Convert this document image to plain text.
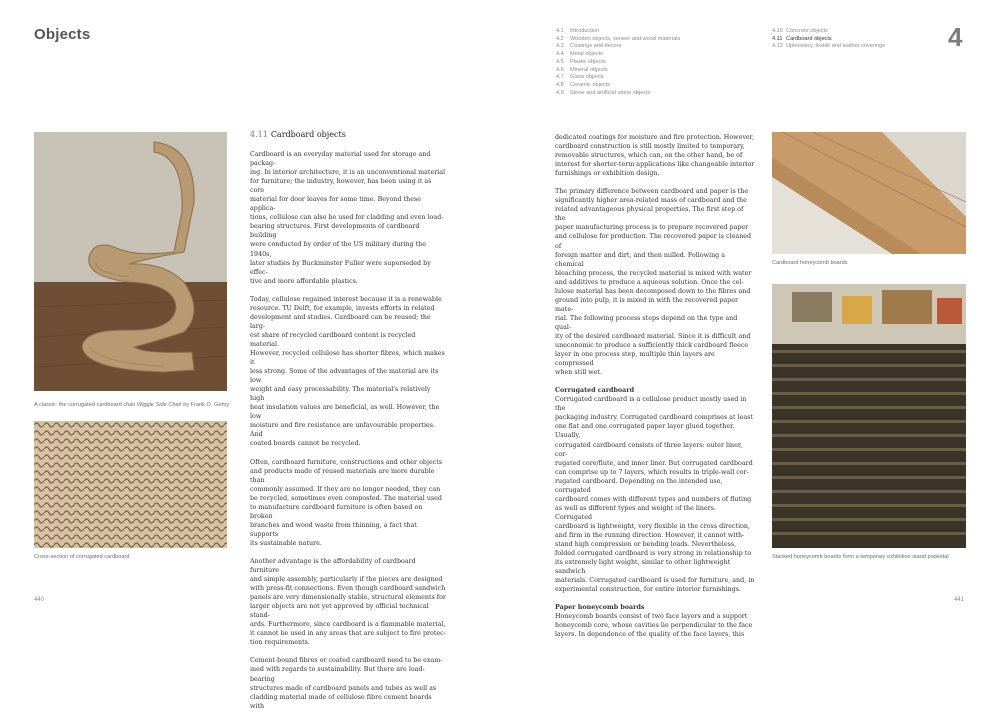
Objects	4
4.1 Introduction
4.2 Wooden objects, veneer and wood materials
4.3 Coatings and decors
4.4 Metal objects
4.5 Plastic objects
4.6 Mineral objects
4.7 Glass objects
4.8 Ceramic objects
4.9 Stone and artificial stone objects
4.10 Concrete objects
4.11 Cardboard objects
4.12 Upholstery, textile and leather coverings
A classic: the corrugated cardboard chair Wiggle Side Chair by Frank O. Gehry
Cross-section of corrugated cardboard
4.11 Cardboard objects

Cardboard is an everyday material used for storage and packag-
ing. In interior architecture, it is an unconventional material
for furniture; the industry, however, has been using it as core
material for door leaves for some time. Beyond these applica-
tions, cellulose can also be used for cladding and even load-
bearing structures. First developments of cardboard building
were conducted by order of the US military during the 1940s,
later studies by Buckminster Fuller were superseded by effec-
tive and more affordable plastics.

Today, cellulose regained interest because it is a renewable
resource. TU Delft, for example, invests efforts in related
development and studies. Cardboard can be reused; the larg-
est share of recycled cardboard content is recycled material.
However, recycled cellulose has shorter fibres, which makes it
less strong. Some of the advantages of the material are its low
weight and easy processability. The material's relatively high
heat insulation values are beneficial, as well. However, the low
moisture and fire resistance are unfavourable properties. And
coated boards cannot be recycled.

Often, cardboard furniture, constructions and other objects
and products made of reused materials are more durable than
commonly assumed. If they are no longer needed, they can
be recycled, sometimes even composted. The material used
to manufacture cardboard furniture is often based on broken
branches and wood waste from thinning, a fact that supports
its sustainable nature.

Another advantage is the affordability of cardboard furniture
and simple assembly, particularly if the pieces are designed
with press-fit connections. Even though cardboard sandwich
panels are very dimensionally stable, structural elements for
larger objects are not yet approved by official technical stand-
ards. Furthermore, since cardboard is a flammable material,
it cannot be used in any areas that are subject to fire protec-
tion requirements.

Cement-bound fibres or coated cardboard need to be exam-
ined with regards to sustainability. But there are load-bearing
structures made of cardboard panels and tubes as well as
cladding material made of cellulose fibre cement boards with

dedicated coatings for moisture and fire protection. However,
cardboard construction is still mostly limited to temporary,
removable structures, which can, on the other hand, be of
interest for shorter-term applications like changeable interior
furnishings or exhibition design.

The primary difference between cardboard and paper is the
significantly higher area-related mass of cardboard and the
related advantageous physical properties. The first step of the
paper manufacturing process is to prepare recovered paper
and cellulose for production. The recovered paper is cleaned of
foreign matter and dirt, and then milled. Following a chemical
bleaching process, the recycled material is mixed with water
and additives to produce a aqueous solution. Once the cel-
lulose material has been decomposed down to the fibres and
ground into pulp, it is mixed in with the recovered paper mate-
rial. The following process steps depend on the type and qual-
ity of the desired cardboard material. Since it is difficult and
uneconomic to produce a sufficiently thick cardboard fleece
layer in one process step, multiple thin layers are compressed
when still wet.

Corrugated cardboard

Corrugated cardboard is a cellulose product mostly used in the
packaging industry. Corrugated cardboard comprises at least
one flat and one corrugated paper layer glued together. Usually,
corrugated cardboard consists of three layers: outer liner, cor-
rugated core/flute, and inner liner. But corrugated cardboard
can comprise up to 7 layers, which results in triple-wall cor-
rugated cardboard. Depending on the intended use, corrugated
cardboard comes with different types and numbers of fluting
as well as different types and weight of the liners. Corrugated
cardboard is lightweight, very flexible in the cross direction,
and firm in the running direction. However, it cannot with-
stand high compression or bending loads. Nevertheless,
folded corrugated cardboard is very strong in relationship to
its extremely light weight, similar to other lightweight sandwich
materials. Corrugated cardboard is used for furniture, and, in
experimental construction, for entire interior furnishings.

Paper honeycomb boards

Honeycomb boards consist of two face layers and a support
honeycomb core, whose cavities lie perpendicular to the face
layers. In dependence of the quality of the face layers, this

Cardboard honeycomb boards
Stacked honeycomb boards form a temporary exhibition stand podestal
440	441
